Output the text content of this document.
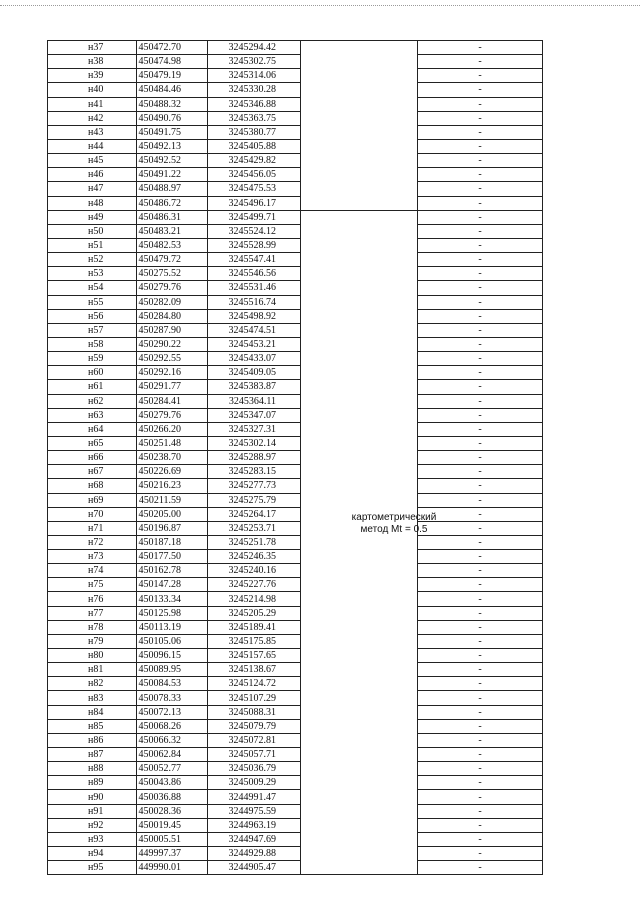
н37	450472.70	3245294.42		-
н38	450474.98	3245302.75		-
н39	450479.19	3245314.06		-
н40	450484.46	3245330.28		-
н41	450488.32	3245346.88		-
н42	450490.76	3245363.75		-
н43	450491.75	3245380.77		-
н44	450492.13	3245405.88		-
н45	450492.52	3245429.82		-
н46	450491.22	3245456.05		-
н47	450488.97	3245475.53		-
н48	450486.72	3245496.17		-
н49	450486.31	3245499.71		-
н50	450483.21	3245524.12		-
н51	450482.53	3245528.99		-
н52	450479.72	3245547.41		-
н53	450275.52	3245546.56		-
н54	450279.76	3245531.46		-
н55	450282.09	3245516.74		-
н56	450284.80	3245498.92		-
н57	450287.90	3245474.51		-
н58	450290.22	3245453.21		-
н59	450292.55	3245433.07		-
н60	450292.16	3245409.05		-
н61	450291.77	3245383.87		-
н62	450284.41	3245364.11		-
н63	450279.76	3245347.07		-
н64	450266.20	3245327.31		-
н65	450251.48	3245302.14		-
н66	450238.70	3245288.97		-
н67	450226.69	3245283.15		-
н68	450216.23	3245277.73		-
н69	450211.59	3245275.79		-
н70	450205.00	3245264.17		-
н71	450196.87	3245253.71		-
н72	450187.18	3245251.78		-
н73	450177.50	3245246.35		-
н74	450162.78	3245240.16		-
н75	450147.28	3245227.76		-
н76	450133.34	3245214.98		-
н77	450125.98	3245205.29		-
н78	450113.19	3245189.41		-
н79	450105.06	3245175.85		-
н80	450096.15	3245157.65		-
н81	450089.95	3245138.67		-
н82	450084.53	3245124.72		-
н83	450078.33	3245107.29		-
н84	450072.13	3245088.31		-
н85	450068.26	3245079.79		-
н86	450066.32	3245072.81		-
н87	450062.84	3245057.71		-
н88	450052.77	3245036.79		-
н89	450043.86	3245009.29		-
н90	450036.88	3244991.47		-
н91	450028.36	3244975.59		-
н92	450019.45	3244963.19		-
н93	450005.51	3244947.69		-
н94	449997.37	3244929.88		-
н95	449990.01	3244905.47		-
картометрический
метод Mt = 0.5
